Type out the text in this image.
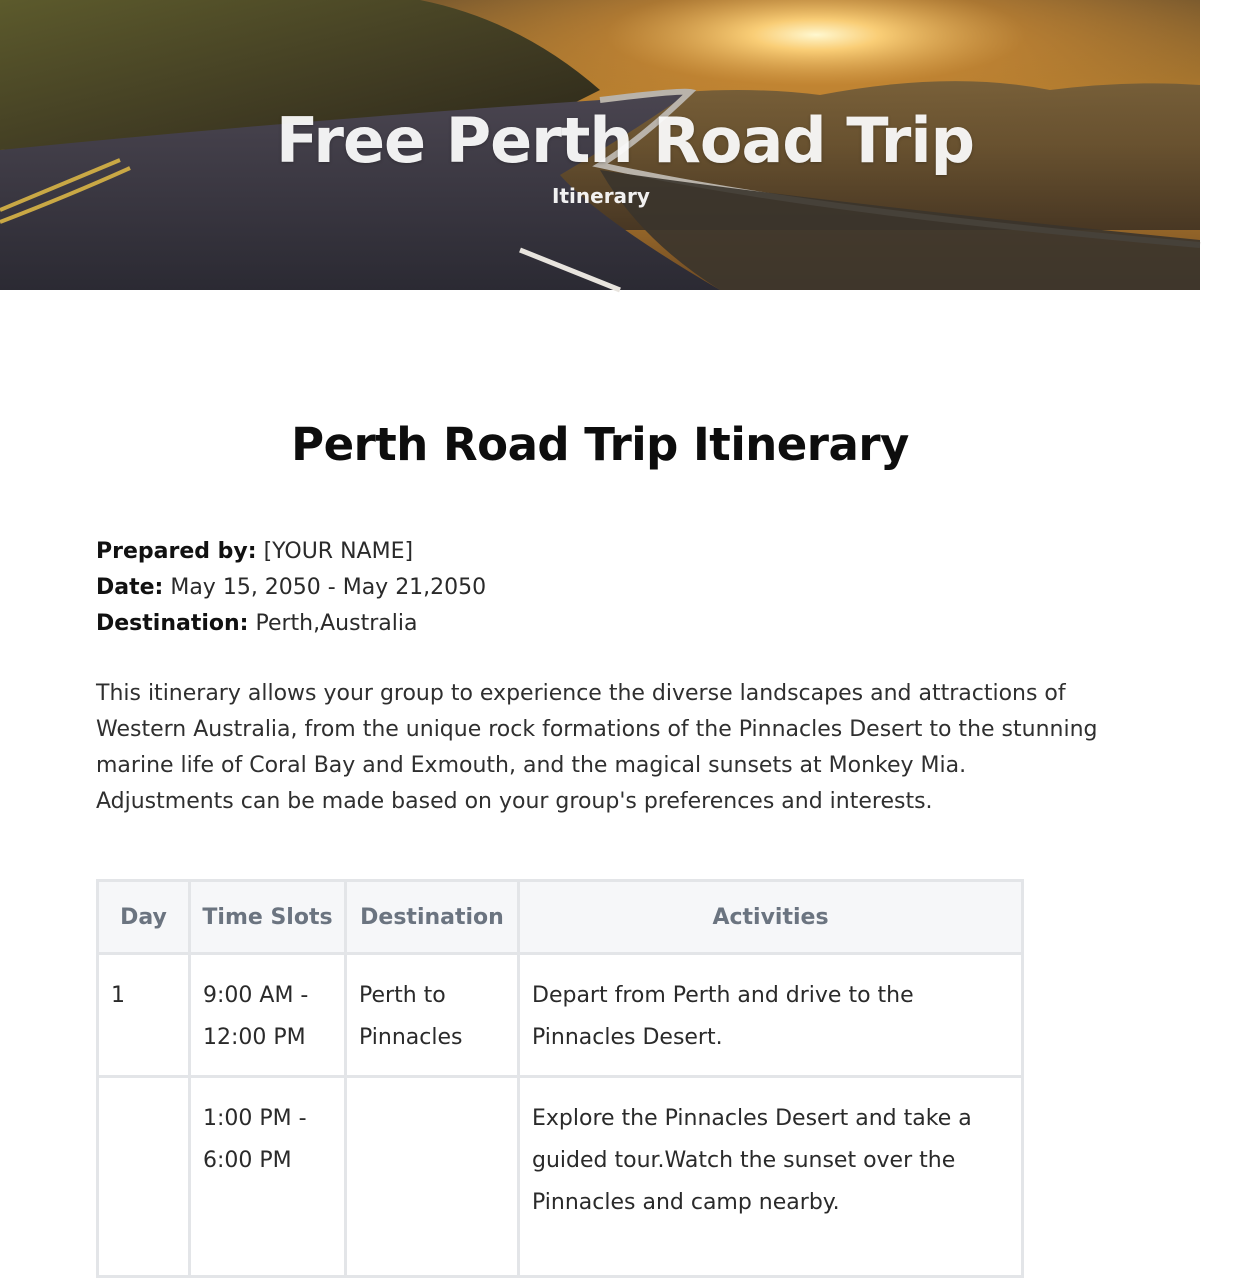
Free Perth Road Trip
Itinerary
Perth Road Trip Itinerary
Prepared by: [YOUR NAME]
Date: May 15, 2050 - May 21,2050
Destination: Perth,Australia

This itinerary allows your group to experience the diverse landscapes and attractions of Western Australia, from the unique rock formations of the Pinnacles Desert to the stunning marine life of Coral Bay and Exmouth, and the magical sunsets at Monkey Mia. Adjustments can be made based on your group's preferences and interests.

Day	Time Slots	Destination	Activities
1	9:00 AM - 12:00 PM	Perth to Pinnacles	Depart from Perth and drive to the Pinnacles Desert.
	1:00 PM - 6:00 PM		Explore the Pinnacles Desert and take a guided tour.Watch the sunset over the Pinnacles and camp nearby.
